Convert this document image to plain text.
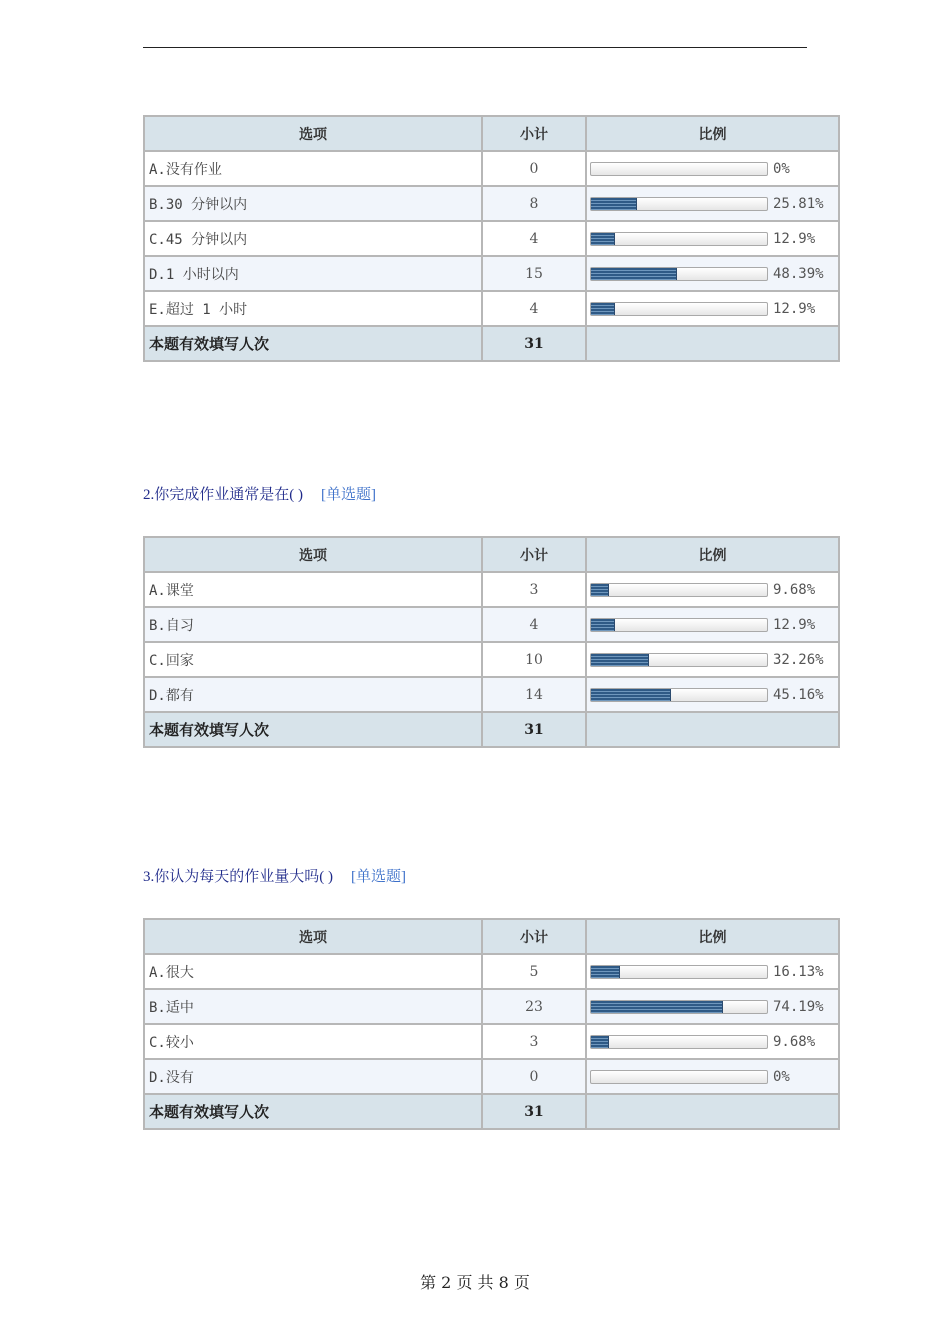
选项	小计	比例
A.没有作业	0	0%

B.30 分钟以内	8	25.81%

C.45 分钟以内	4	12.9%

D.1 小时以内	15	48.39%

E.超过 1 小时	4	12.9%

本题有效填写人次	31	
2.你完成作业通常是在( ) [单选题]
选项	小计	比例
A.课堂	3	9.68%

B.自习	4	12.9%

C.回家	10	32.26%

D.都有	14	45.16%

本题有效填写人次	31	
3.你认为每天的作业量大吗( ) [单选题]
选项	小计	比例
A.很大	5	16.13%

B.适中	23	74.19%

C.较小	3	9.68%

D.没有	0	0%

本题有效填写人次	31	
第 2 页 共 8 页
